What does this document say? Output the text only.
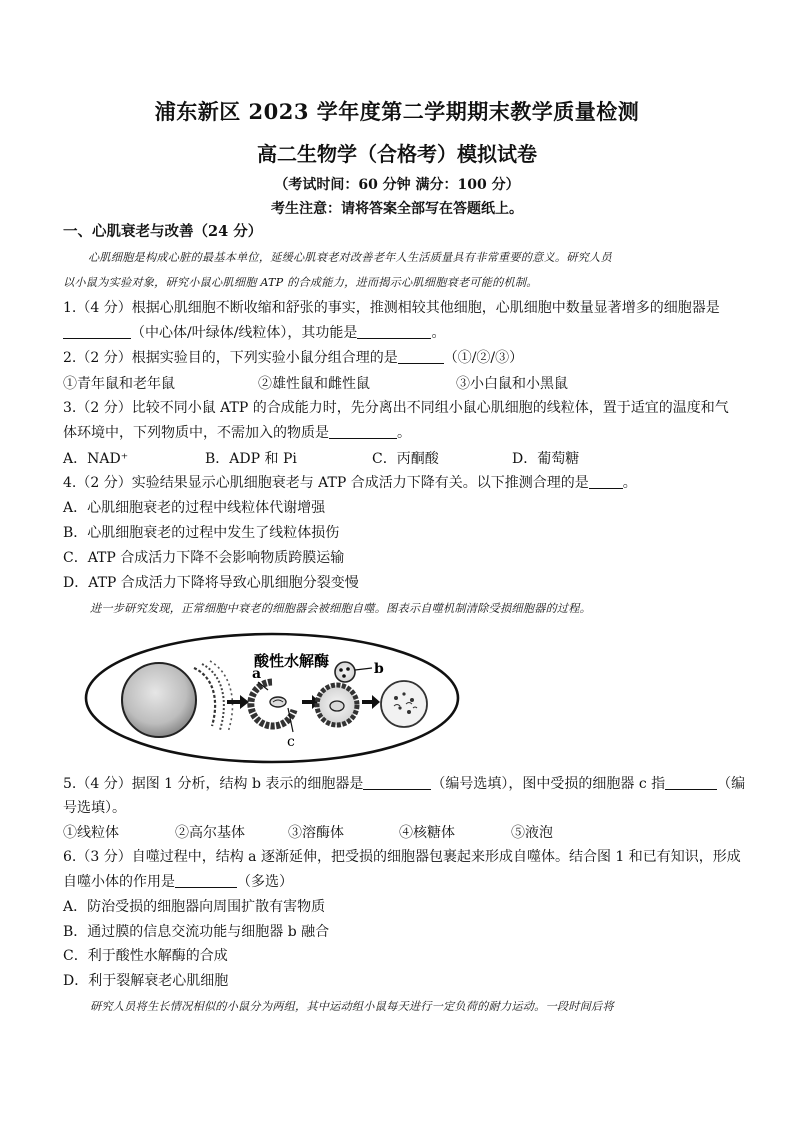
浦东新区 2023 学年度第二学期期末教学质量检测
高二生物学（合格考）模拟试卷
（考试时间：60 分钟 满分：100 分）
考生注意：请将答案全部写在答题纸上。
一、心肌衰老与改善（24 分）
心肌细胞是构成心脏的最基本单位，延缓心肌衰老对改善老年人生活质量具有非常重要的意义。研究人员
以小鼠为实验对象，研究小鼠心肌细胞 ATP 的合成能力，进而揭示心肌细胞衰老可能的机制。
1.（4 分）根据心肌细胞不断收缩和舒张的事实，推测相较其他细胞，心肌细胞中数量显著增多的细胞器是
（中心体/叶绿体/线粒体），其功能是	。
2.（2 分）根据实验目的，下列实验小鼠分组合理的是	（①/②/③）
①青年鼠和老年鼠	②雄性鼠和雌性鼠	③小白鼠和小黑鼠
3.（2 分）比较不同小鼠 ATP 的合成能力时，先分离出不同组小鼠心肌细胞的线粒体，置于适宜的温度和气
体环境中，下列物质中，不需加入的物质是	。
A．NAD⁺	B．ADP 和 Pi	C．丙酮酸	D．葡萄糖
4.（2 分）实验结果显示心肌细胞衰老与 ATP 合成活力下降有关。以下推测合理的是 。
A．心肌细胞衰老的过程中线粒体代谢增强
B．心肌细胞衰老的过程中发生了线粒体损伤
C．ATP 合成活力下降不会影响物质跨膜运输
D．ATP 合成活力下降将导致心肌细胞分裂变慢
进一步研究发现，正常细胞中衰老的细胞器会被细胞自噬。图表示自噬机制清除受损细胞器的过程。
a
c
酸性水解酶	b
5.（4 分）据图 1 分析，结构 b 表示的细胞器是	（编号选填），图中受损的细胞器 c 指	（编
号选填）。
①线粒体	②高尔基体	③溶酶体	④核糖体	⑤液泡
6.（3 分）自噬过程中，结构 a 逐渐延伸，把受损的细胞器包裹起来形成自噬体。结合图 1 和已有知识，形成
自噬小体的作用是	（多选）
A．防治受损的细胞器向周围扩散有害物质
B．通过膜的信息交流功能与细胞器 b 融合
C．利于酸性水解酶的合成
D．利于裂解衰老心肌细胞
研究人员将生长情况相似的小鼠分为两组，其中运动组小鼠每天进行一定负荷的耐力运动。一段时间后将
